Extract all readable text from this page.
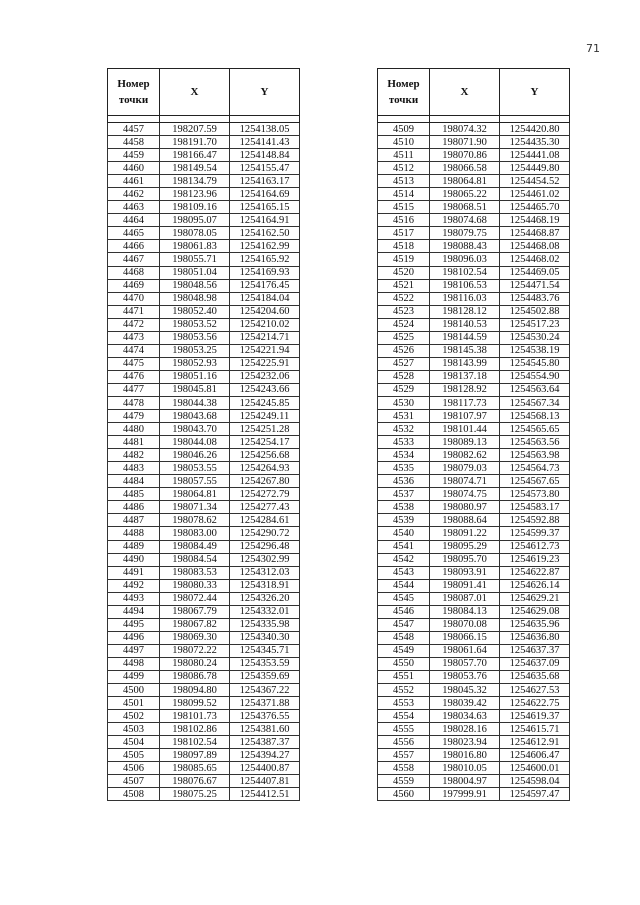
71
Номер точки	X	Y

4457	198207.59	1254138.05
4458	198191.70	1254141.43
4459	198166.47	1254148.84
4460	198149.54	1254155.47
4461	198134.79	1254163.17
4462	198123.96	1254164.69
4463	198109.16	1254165.15
4464	198095.07	1254164.91
4465	198078.05	1254162.50
4466	198061.83	1254162.99
4467	198055.71	1254165.92
4468	198051.04	1254169.93
4469	198048.56	1254176.45
4470	198048.98	1254184.04
4471	198052.40	1254204.60
4472	198053.52	1254210.02
4473	198053.56	1254214.71
4474	198053.25	1254221.94
4475	198052.93	1254225.91
4476	198051.16	1254232.06
4477	198045.81	1254243.66
4478	198044.38	1254245.85
4479	198043.68	1254249.11
4480	198043.70	1254251.28
4481	198044.08	1254254.17
4482	198046.26	1254256.68
4483	198053.55	1254264.93
4484	198057.55	1254267.80
4485	198064.81	1254272.79
4486	198071.34	1254277.43
4487	198078.62	1254284.61
4488	198083.00	1254290.72
4489	198084.49	1254296.48
4490	198084.54	1254302.99
4491	198083.53	1254312.03
4492	198080.33	1254318.91
4493	198072.44	1254326.20
4494	198067.79	1254332.01
4495	198067.82	1254335.98
4496	198069.30	1254340.30
4497	198072.22	1254345.71
4498	198080.24	1254353.59
4499	198086.78	1254359.69
4500	198094.80	1254367.22
4501	198099.52	1254371.88
4502	198101.73	1254376.55
4503	198102.86	1254381.60
4504	198102.54	1254387.37
4505	198097.89	1254394.27
4506	198085.65	1254400.87
4507	198076.67	1254407.81
4508	198075.25	1254412.51
Номер точки	X	Y

4509	198074.32	1254420.80
4510	198071.90	1254435.30
4511	198070.86	1254441.08
4512	198066.58	1254449.80
4513	198064.81	1254454.52
4514	198065.22	1254461.02
4515	198068.51	1254465.70
4516	198074.68	1254468.19
4517	198079.75	1254468.87
4518	198088.43	1254468.08
4519	198096.03	1254468.02
4520	198102.54	1254469.05
4521	198106.53	1254471.54
4522	198116.03	1254483.76
4523	198128.12	1254502.88
4524	198140.53	1254517.23
4525	198144.59	1254530.24
4526	198145.38	1254538.19
4527	198143.99	1254545.80
4528	198137.18	1254554.90
4529	198128.92	1254563.64
4530	198117.73	1254567.34
4531	198107.97	1254568.13
4532	198101.44	1254565.65
4533	198089.13	1254563.56
4534	198082.62	1254563.98
4535	198079.03	1254564.73
4536	198074.71	1254567.65
4537	198074.75	1254573.80
4538	198080.97	1254583.17
4539	198088.64	1254592.88
4540	198091.22	1254599.37
4541	198095.29	1254612.73
4542	198095.70	1254619.23
4543	198093.91	1254622.87
4544	198091.41	1254626.14
4545	198087.01	1254629.21
4546	198084.13	1254629.08
4547	198070.08	1254635.96
4548	198066.15	1254636.80
4549	198061.64	1254637.37
4550	198057.70	1254637.09
4551	198053.76	1254635.68
4552	198045.32	1254627.53
4553	198039.42	1254622.75
4554	198034.63	1254619.37
4555	198028.16	1254615.71
4556	198023.94	1254612.91
4557	198016.80	1254606.47
4558	198010.05	1254600.01
4559	198004.97	1254598.04
4560	197999.91	1254597.47
